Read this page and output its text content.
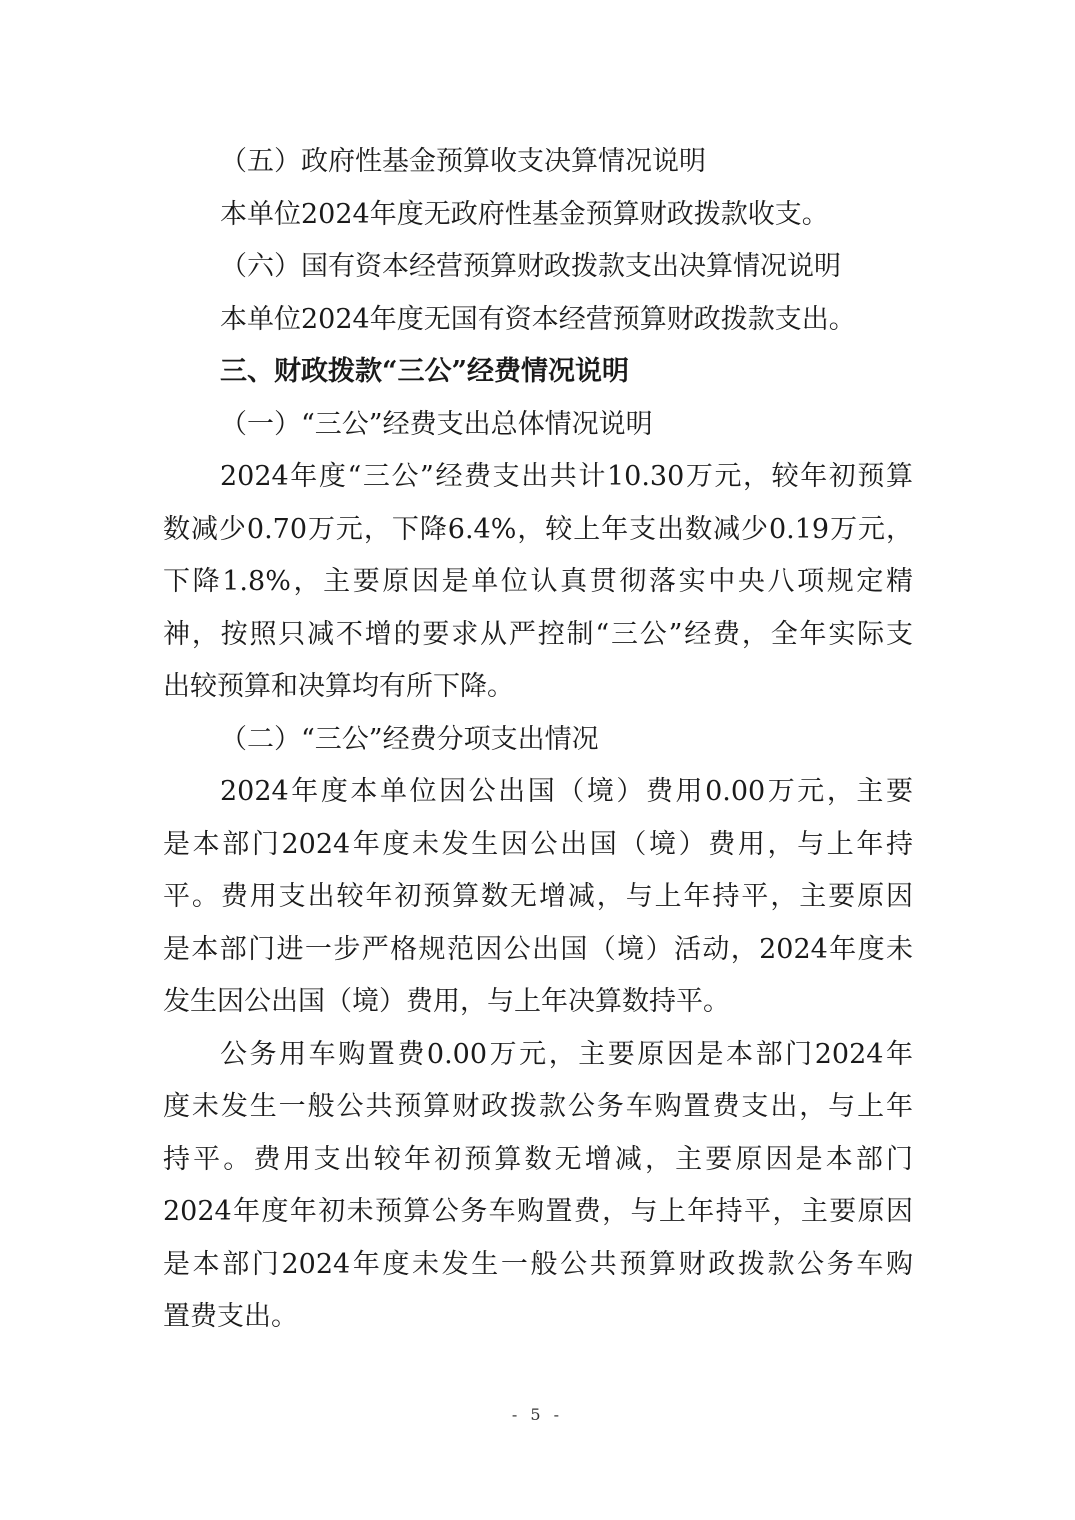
（五）政府性基金预算收支决算情况说明
本单位2024年度无政府性基金预算财政拨款收支。
（六）国有资本经营预算财政拨款支出决算情况说明
本单位2024年度无国有资本经营预算财政拨款支出。
三、财政拨款“三公”经费情况说明
（一）“三公”经费支出总体情况说明
2024年度“三公”经费支出共计10.30万元，较年初预算
数减少0.70万元，下降6.4%，较上年支出数减少0.19万元，
下降1.8%，主要原因是单位认真贯彻落实中央八项规定精
神，按照只减不增的要求从严控制“三公”经费，全年实际支
出较预算和决算均有所下降。
（二）“三公”经费分项支出情况
2024年度本单位因公出国（境）费用0.00万元，主要
是本部门2024年度未发生因公出国（境）费用，与上年持
平。费用支出较年初预算数无增减，与上年持平，主要原因
是本部门进一步严格规范因公出国（境）活动，2024年度未
发生因公出国（境）费用，与上年决算数持平。
公务用车购置费0.00万元，主要原因是本部门2024年
度未发生一般公共预算财政拨款公务车购置费支出，与上年
持平。费用支出较年初预算数无增减，主要原因是本部门
2024年度年初未预算公务车购置费，与上年持平，主要原因
是本部门2024年度未发生一般公共预算财政拨款公务车购
置费支出。
- 5 -
